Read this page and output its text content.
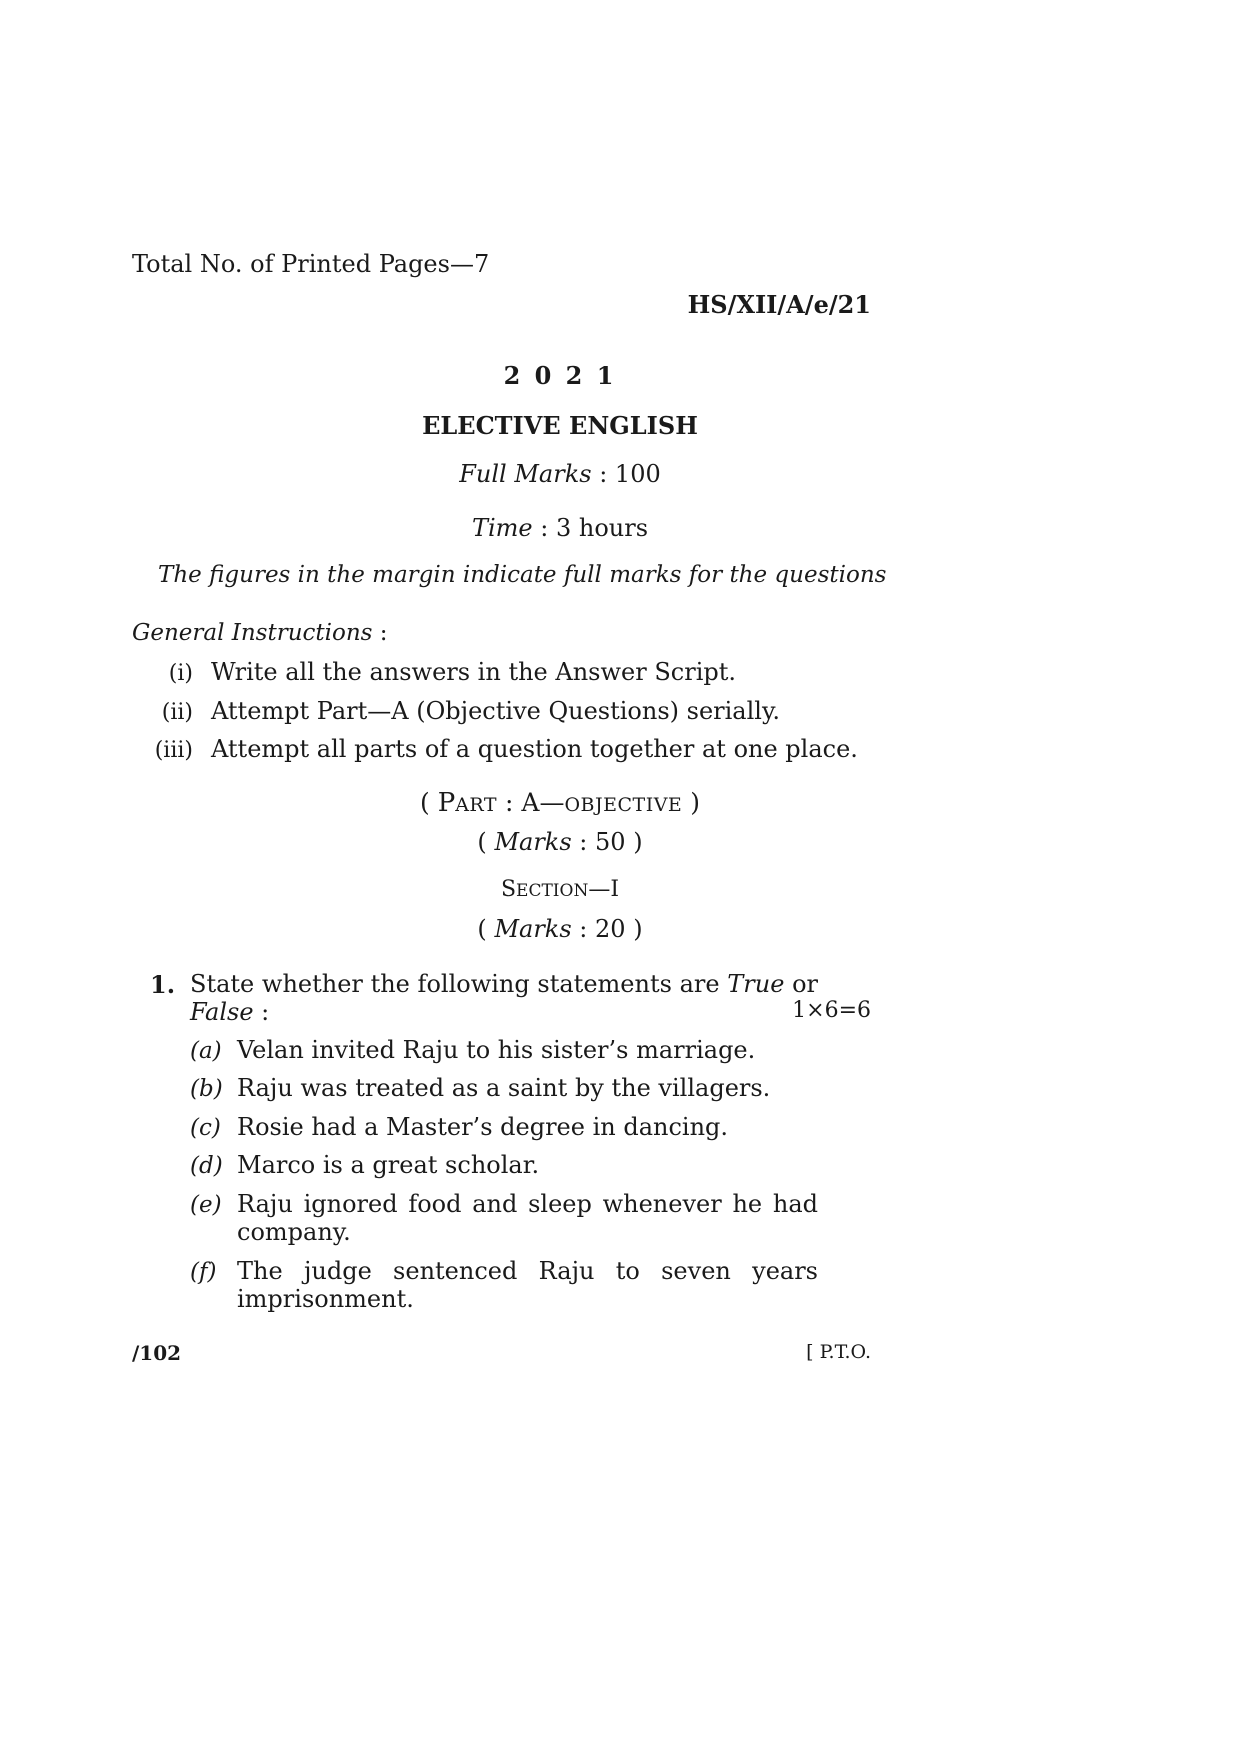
Total No. of Printed Pages—7
HS/XII/A/e/21
2 0 2 1
ELECTIVE ENGLISH
Full Marks : 100
Time : 3 hours
The figures in the margin indicate full marks for the questions
General Instructions :
(i) Write all the answers in the Answer Script.
(ii) Attempt Part—A (Objective Questions) serially.
(iii) Attempt all parts of a question together at one place.
( PART : A—OBJECTIVE )
( Marks : 50 )
SECTION—I
( Marks : 20 )
1. State whether the following statements are True or
False :	1×6=6
(a) Velan invited Raju to his sister’s marriage.
(b) Raju was treated as a saint by the villagers.
(c) Rosie had a Master’s degree in dancing.
(d) Marco is a great scholar.
(e) Raju ignored food and sleep whenever he had
company.
(f) The judge sentenced Raju to seven years
imprisonment.
/102	[ P.T.O.
